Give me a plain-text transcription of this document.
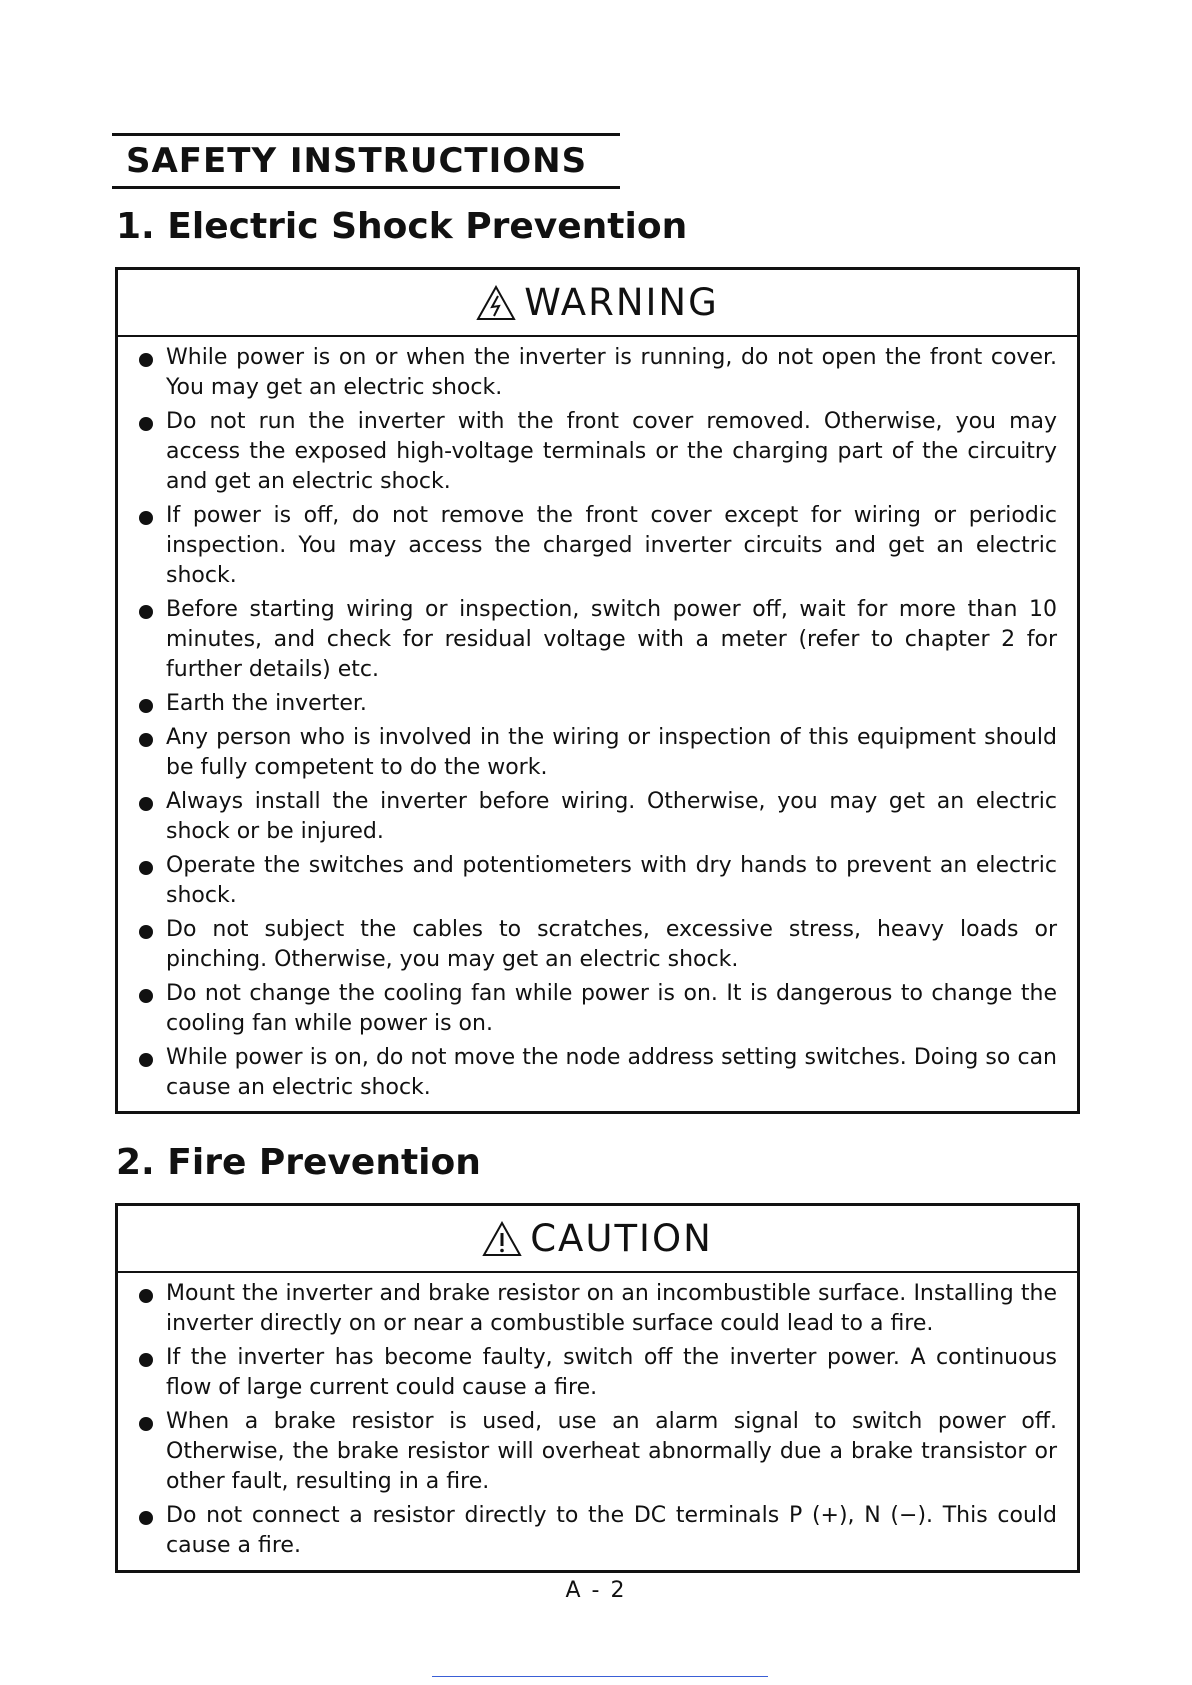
SAFETY INSTRUCTIONS
1. Electric Shock Prevention
WARNING
While power is on or when the inverter is running, do not open the front cover. You may get an electric shock.
Do not run the inverter with the front cover removed. Otherwise, you may access the exposed high-voltage terminals or the charging part of the circuitry and get an electric shock.
If power is off, do not remove the front cover except for wiring or periodic inspection. You may access the charged inverter circuits and get an electric shock.
Before starting wiring or inspection, switch power off, wait for more than 10 minutes, and check for residual voltage with a meter (refer to chapter 2 for further details) etc.
Earth the inverter.
Any person who is involved in the wiring or inspection of this equipment should be fully competent to do the work.
Always install the inverter before wiring. Otherwise, you may get an electric shock or be injured.
Operate the switches and potentiometers with dry hands to prevent an electric shock.
Do not subject the cables to scratches, excessive stress, heavy loads or pinching. Otherwise, you may get an electric shock.
Do not change the cooling fan while power is on. It is dangerous to change the cooling fan while power is on.
While power is on, do not move the node address setting switches. Doing so can cause an electric shock.
2. Fire Prevention
CAUTION
Mount the inverter and brake resistor on an incombustible surface. Installing the inverter directly on or near a combustible surface could lead to a fire.
If the inverter has become faulty, switch off the inverter power. A continuous flow of large current could cause a fire.
When a brake resistor is used, use an alarm signal to switch power off. Otherwise, the brake resistor will overheat abnormally due a brake transistor or other fault, resulting in a fire.
Do not connect a resistor directly to the DC terminals P (+), N (−). This could cause a fire.
A - 2
